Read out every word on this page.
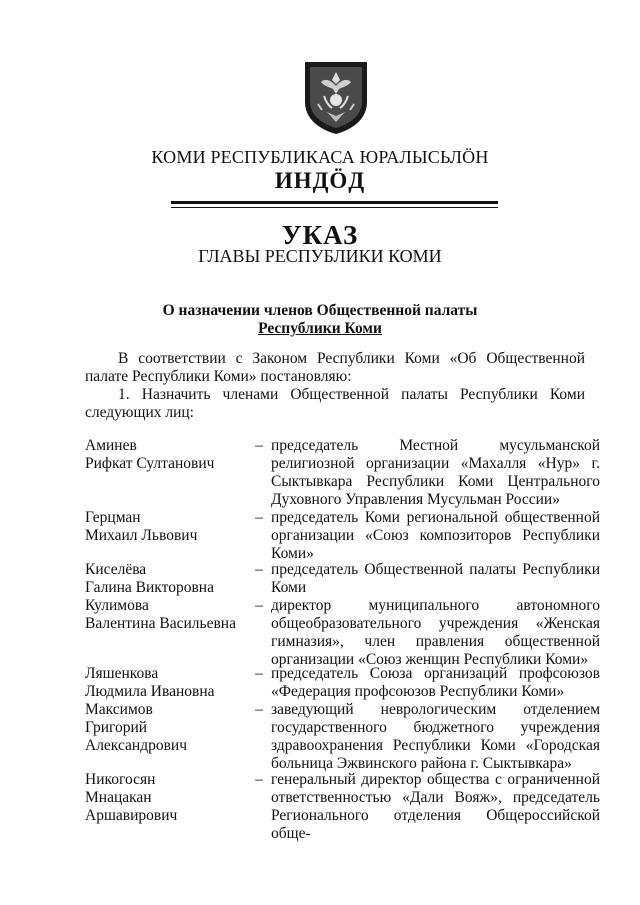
КОМИ РЕСПУБЛИКАСА ЮРАЛЫСЬЛӦН
ИНДӦД
УКАЗ
ГЛАВЫ РЕСПУБЛИКИ КОМИ
О назначении членов Общественной палаты
Республики Коми
В соответствии с Законом Республики Коми «Об Общественной палате Республики Коми» постановляю:
1. Назначить членами Общественной палаты Республики Коми следующих лиц:
Аминев
Рифкат Султанович
– председатель Местной мусульманской религиозной организации «Махалля «Нур» г. Сыктывкара Республики Коми Центрального Духовного Управления Мусульман России»
Герцман
Михаил Львович
– председатель Коми региональной общественной организации «Союз композиторов Республики Коми»
Киселёва
Галина Викторовна
– председатель Общественной палаты Республики Коми
Кулимова
Валентина Васильевна
– директор муниципального автономного общеобразовательного учреждения «Женская гимназия», член правления общественной организации «Союз женщин Республики Коми»
Ляшенкова
Людмила Ивановна
– председатель Союза организаций профсоюзов «Федерация профсоюзов Республики Коми»
Максимов
Григорий
Александрович
– заведующий неврологическим отделением государственного бюджетного учреждения здравоохранения Республики Коми «Городская больница Эжвинского района г. Сыктывкара»
Никогосян
Мнацакан
Аршавирович
– генеральный директор общества с ограниченной ответственностью «Дали Вояж», председатель Регионального отделения Общероссийской обще-
